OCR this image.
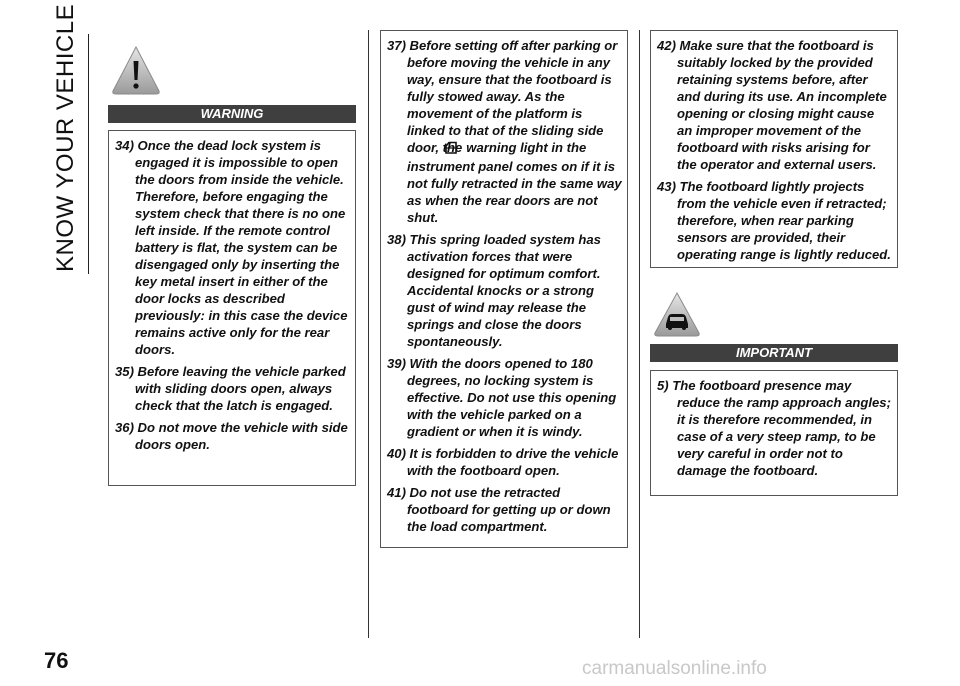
KNOW YOUR VEHICLE
76	carmanualsonline.info
WARNING
34) Once the dead lock system is engaged it is impossible to open the doors from inside the vehicle. Therefore, before engaging the system check that there is no one left inside. If the remote control battery is flat, the system can be disengaged only by inserting the key metal insert in either of the door locks as described previously: in this case the device remains active only for the rear doors.
35) Before leaving the vehicle parked with sliding doors open, always check that the latch is engaged.
36) Do not move the vehicle with side doors open.
37) Before setting off after parking or before moving the vehicle in any way, ensure that the footboard is fully stowed away. As the movement of the platform is linked to that of the sliding side door, the warning light in the instrument panel comes on if it is not fully retracted in the same way as when the rear doors are not shut.
38) This spring loaded system has activation forces that were designed for optimum comfort. Accidental knocks or a strong gust of wind may release the springs and close the doors spontaneously.
39) With the doors opened to 180 degrees, no locking system is effective. Do not use this opening with the vehicle parked on a gradient or when it is windy.
40) It is forbidden to drive the vehicle with the footboard open.
41) Do not use the retracted footboard for getting up or down the load compartment.
42) Make sure that the footboard is suitably locked by the provided retaining systems before, after and during its use. An incomplete opening or closing might cause an improper movement of the footboard with risks arising for the operator and external users.
43) The footboard lightly projects from the vehicle even if retracted; therefore, when rear parking sensors are provided, their operating range is lightly reduced.
IMPORTANT
5) The footboard presence may reduce the ramp approach angles; it is therefore recommended, in case of a very steep ramp, to be very careful in order not to damage the footboard.
